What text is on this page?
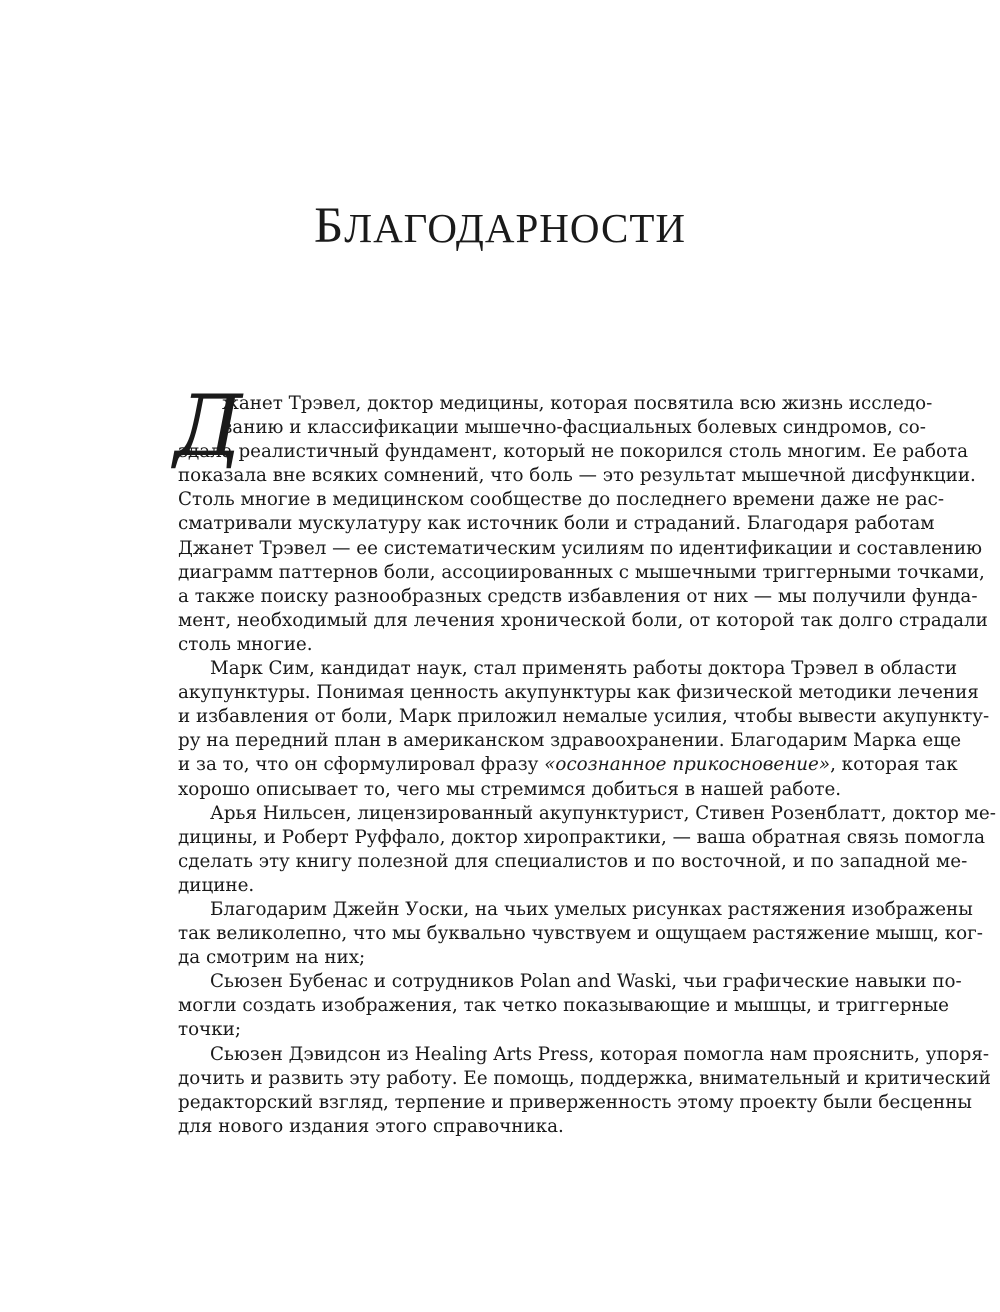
БЛАГОДАРНОСТИ
Д
жанет Трэвел, доктор медицины, которая посвятила всю жизнь исследо-
ванию и классификации мышечно-фасциальных болевых синдромов, со-
здала реалистичный фундамент, который не покорился столь многим. Ее работа
показала вне всяких сомнений, что боль — это результат мышечной дисфункции.
Столь многие в медицинском сообществе до последнего времени даже не рас-
сматривали мускулатуру как источник боли и страданий. Благодаря работам
Джанет Трэвел — ее систематическим усилиям по идентификации и составлению
диаграмм паттернов боли, ассоциированных с мышечными триггерными точками,
а также поиску разнообразных средств избавления от них — мы получили фунда-
мент, необходимый для лечения хронической боли, от которой так долго страдали
столь многие.
Марк Сим, кандидат наук, стал применять работы доктора Трэвел в области
акупунктуры. Понимая ценность акупунктуры как физической методики лечения
и избавления от боли, Марк приложил немалые усилия, чтобы вывести акупункту-
ру на передний план в американском здравоохранении. Благодарим Марка еще
и за то, что он сформулировал фразу «осознанное прикосновение», которая так
хорошо описывает то, чего мы стремимся добиться в нашей работе.
Арья Нильсен, лицензированный акупунктурист, Стивен Розенблатт, доктор ме-
дицины, и Роберт Руффало, доктор хиропрактики, — ваша обратная связь помогла
сделать эту книгу полезной для специалистов и по восточной, и по западной ме-
дицине.
Благодарим Джейн Уоски, на чьих умелых рисунках растяжения изображены
так великолепно, что мы буквально чувствуем и ощущаем растяжение мышц, ког-
да смотрим на них;
Сьюзен Бубенас и сотрудников Polan and Waski, чьи графические навыки по-
могли создать изображения, так четко показывающие и мышцы, и триггерные
точки;
Сьюзен Дэвидсон из Healing Arts Press, которая помогла нам прояснить, упоря-
дочить и развить эту работу. Ее помощь, поддержка, внимательный и критический
редакторский взгляд, терпение и приверженность этому проекту были бесценны
для нового издания этого справочника.
